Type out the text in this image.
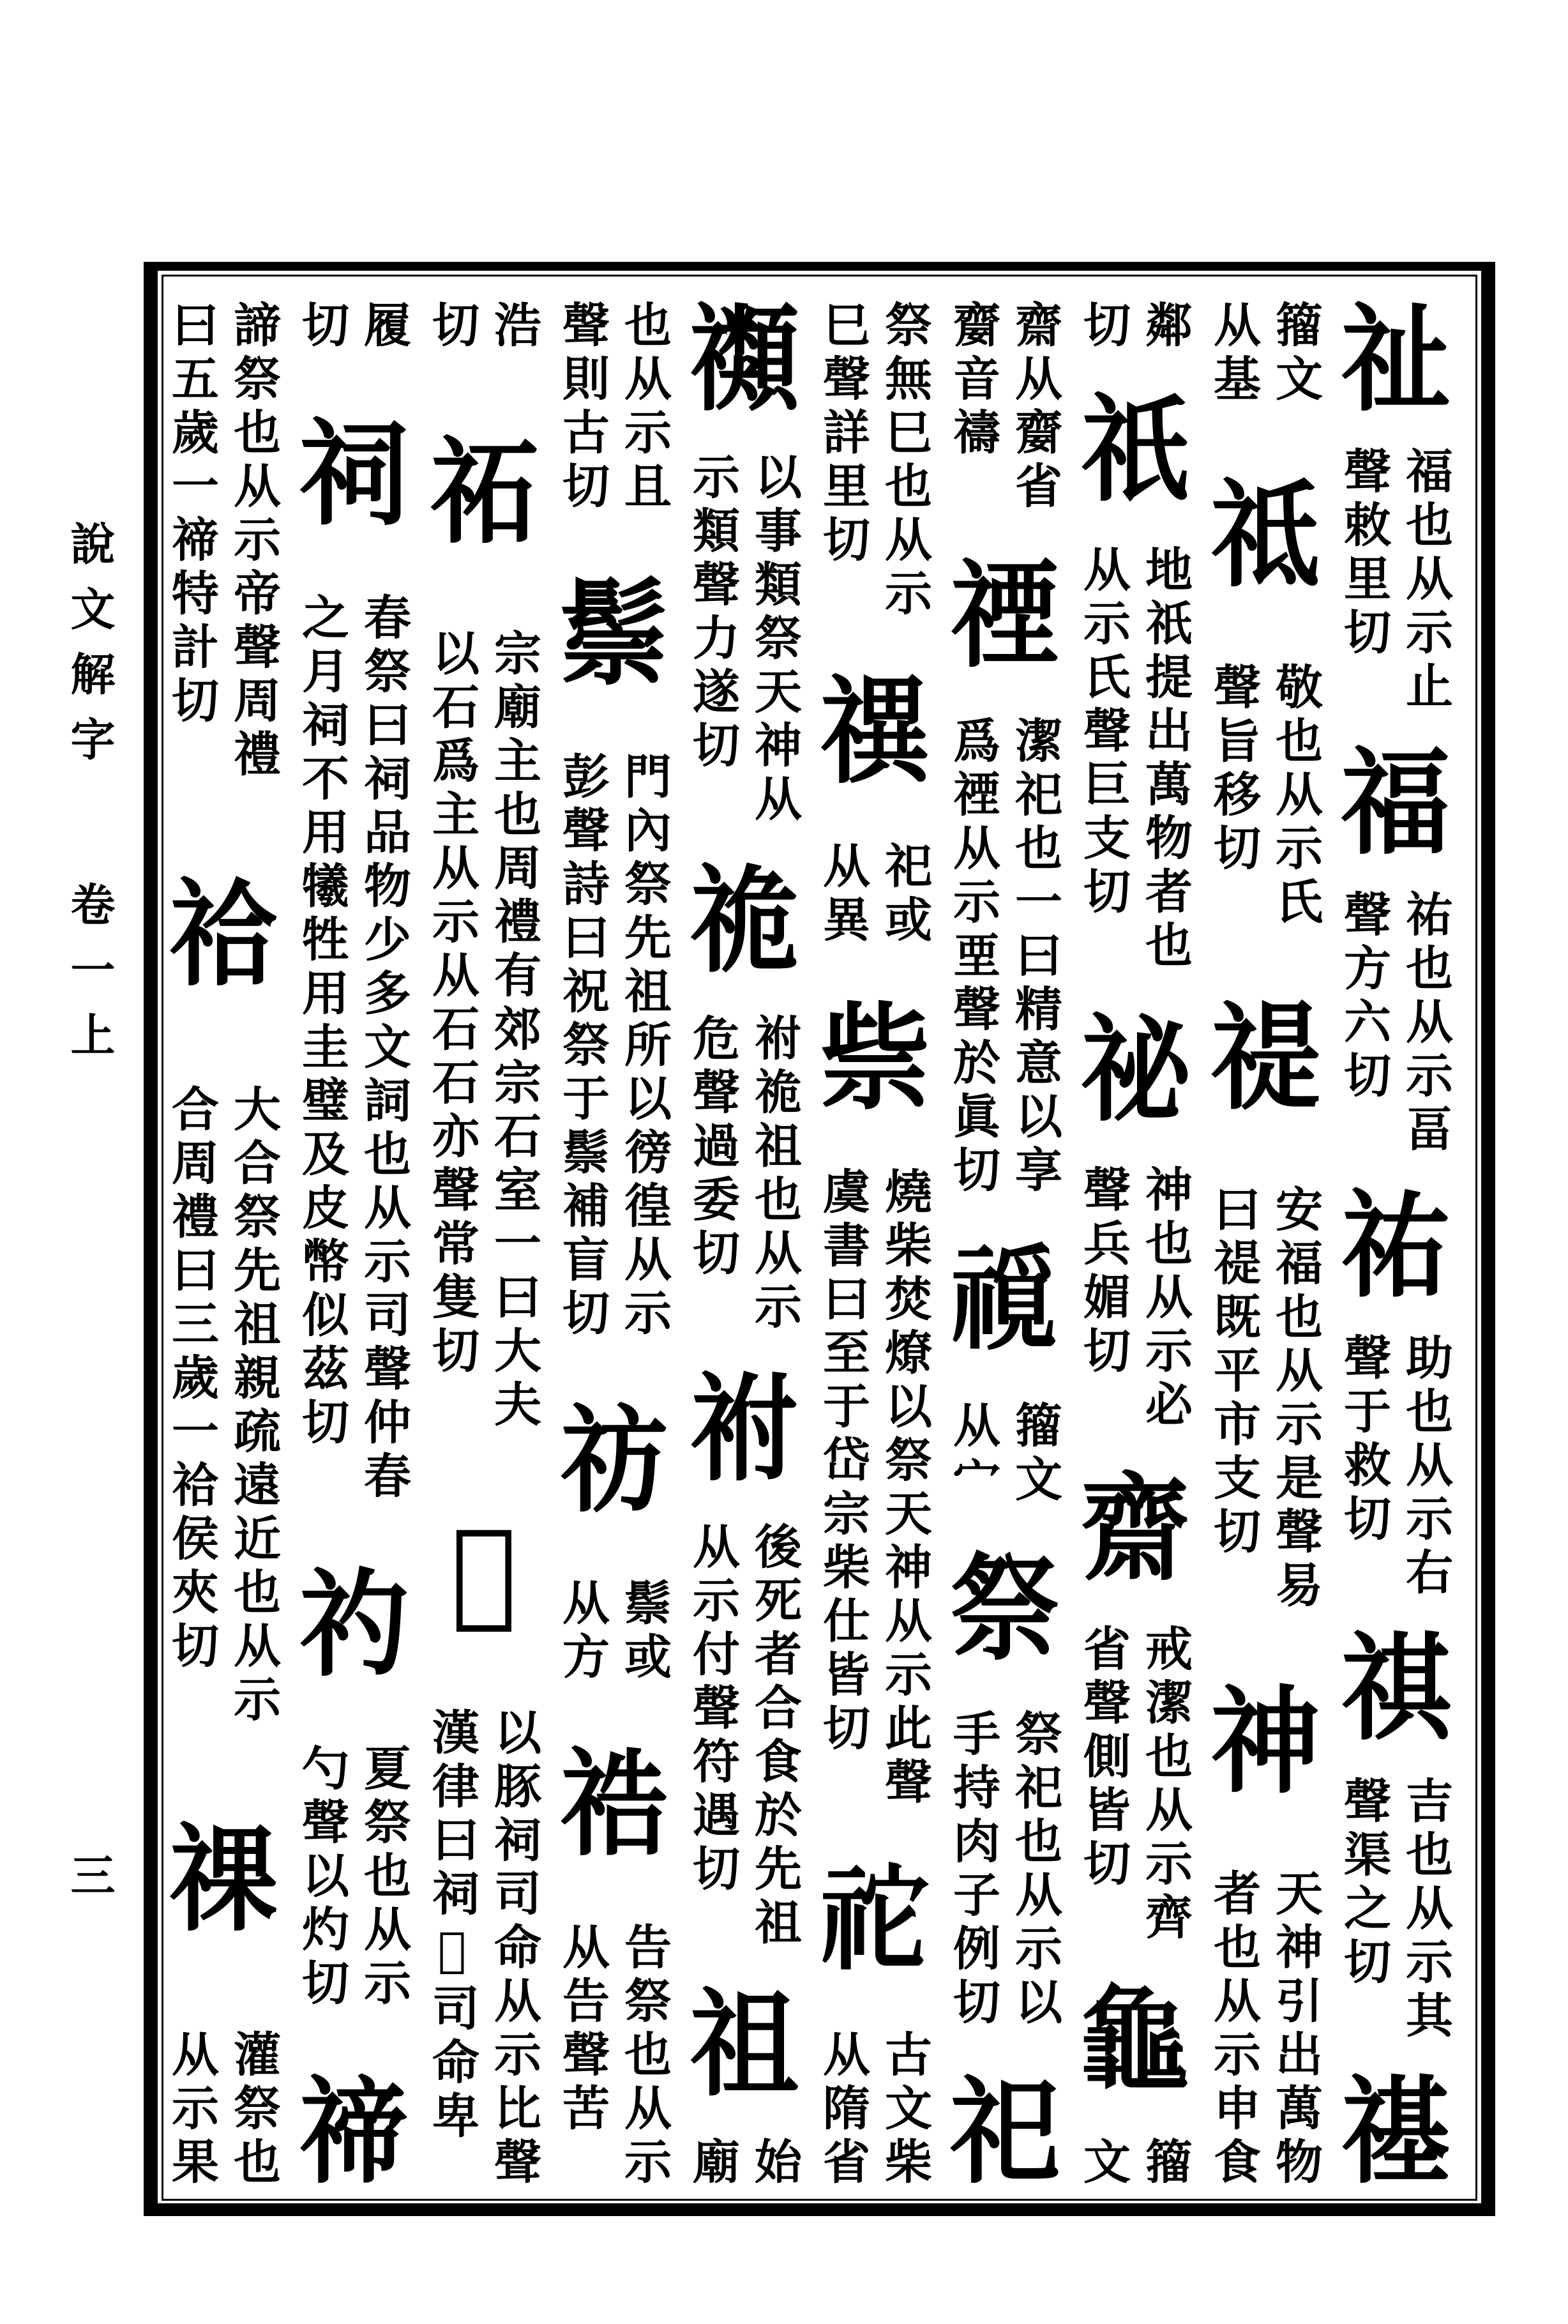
說文解字
卷一上
三
祉
福也从示止
聲敕里切
福
祐也从示畐
聲方六切
祐
助也从示右
聲于救切
祺
吉也从示其
聲渠之切
禥
籀文
从基
祗
敬也从示氏
聲旨移切
禔
安福也从示是聲易
曰禔既平市支切
神
天神引出萬物
者也从示申食
鄰
切
祇
地祇提出萬物者也
从示氏聲巨支切
祕
神也从示必
聲兵媚切
齋
戒潔也从示齊
省聲側皆切
𪚺
籀
文
齋从䶒省
䶒音禱
禋
潔祀也一曰精意以享
爲禋从示垔聲於眞切
𥛟
籀文
从宀
祭
祭祀也从示以
手持肉子例切
祀
祭無巳也从示
巳聲詳里切
禩
祀或
从異
祡
燒柴焚燎以祭天神从示此聲
虞書曰至于岱宗柴仕皆切
𥙇
古文柴
从隋省
禷
以事類祭天神从
示類聲力遂切
祪
祔祪祖也从示
危聲過委切
祔
後死者合食於先祖
从示付聲符遇切
祖
始
廟
也从示且
聲則古切
鬃
門內祭先祖所以徬徨从示
彭聲詩曰祝祭于鬃補盲切
祊
鬃或
从方
祰
告祭也从示
从告聲苦
浩
切
祏
宗廟主也周禮有郊宗石室一曰大夫
以石爲主从示从石石亦聲常隻切
𥙊
以豚祠司命从示比聲
漢律曰祠𥙊司命卑
履
切
祠
春祭曰祠品物少多文詞也从示司聲仲春
之月祠不用犧牲用圭璧及皮幣似茲切
礿
夏祭也从示
勺聲以灼切
禘
諦祭也从示帝聲周禮
曰五歲一禘特計切
祫
大合祭先祖親疏遠近也从示
合周禮曰三歲一祫侯夾切
祼
灌祭也
从示果
